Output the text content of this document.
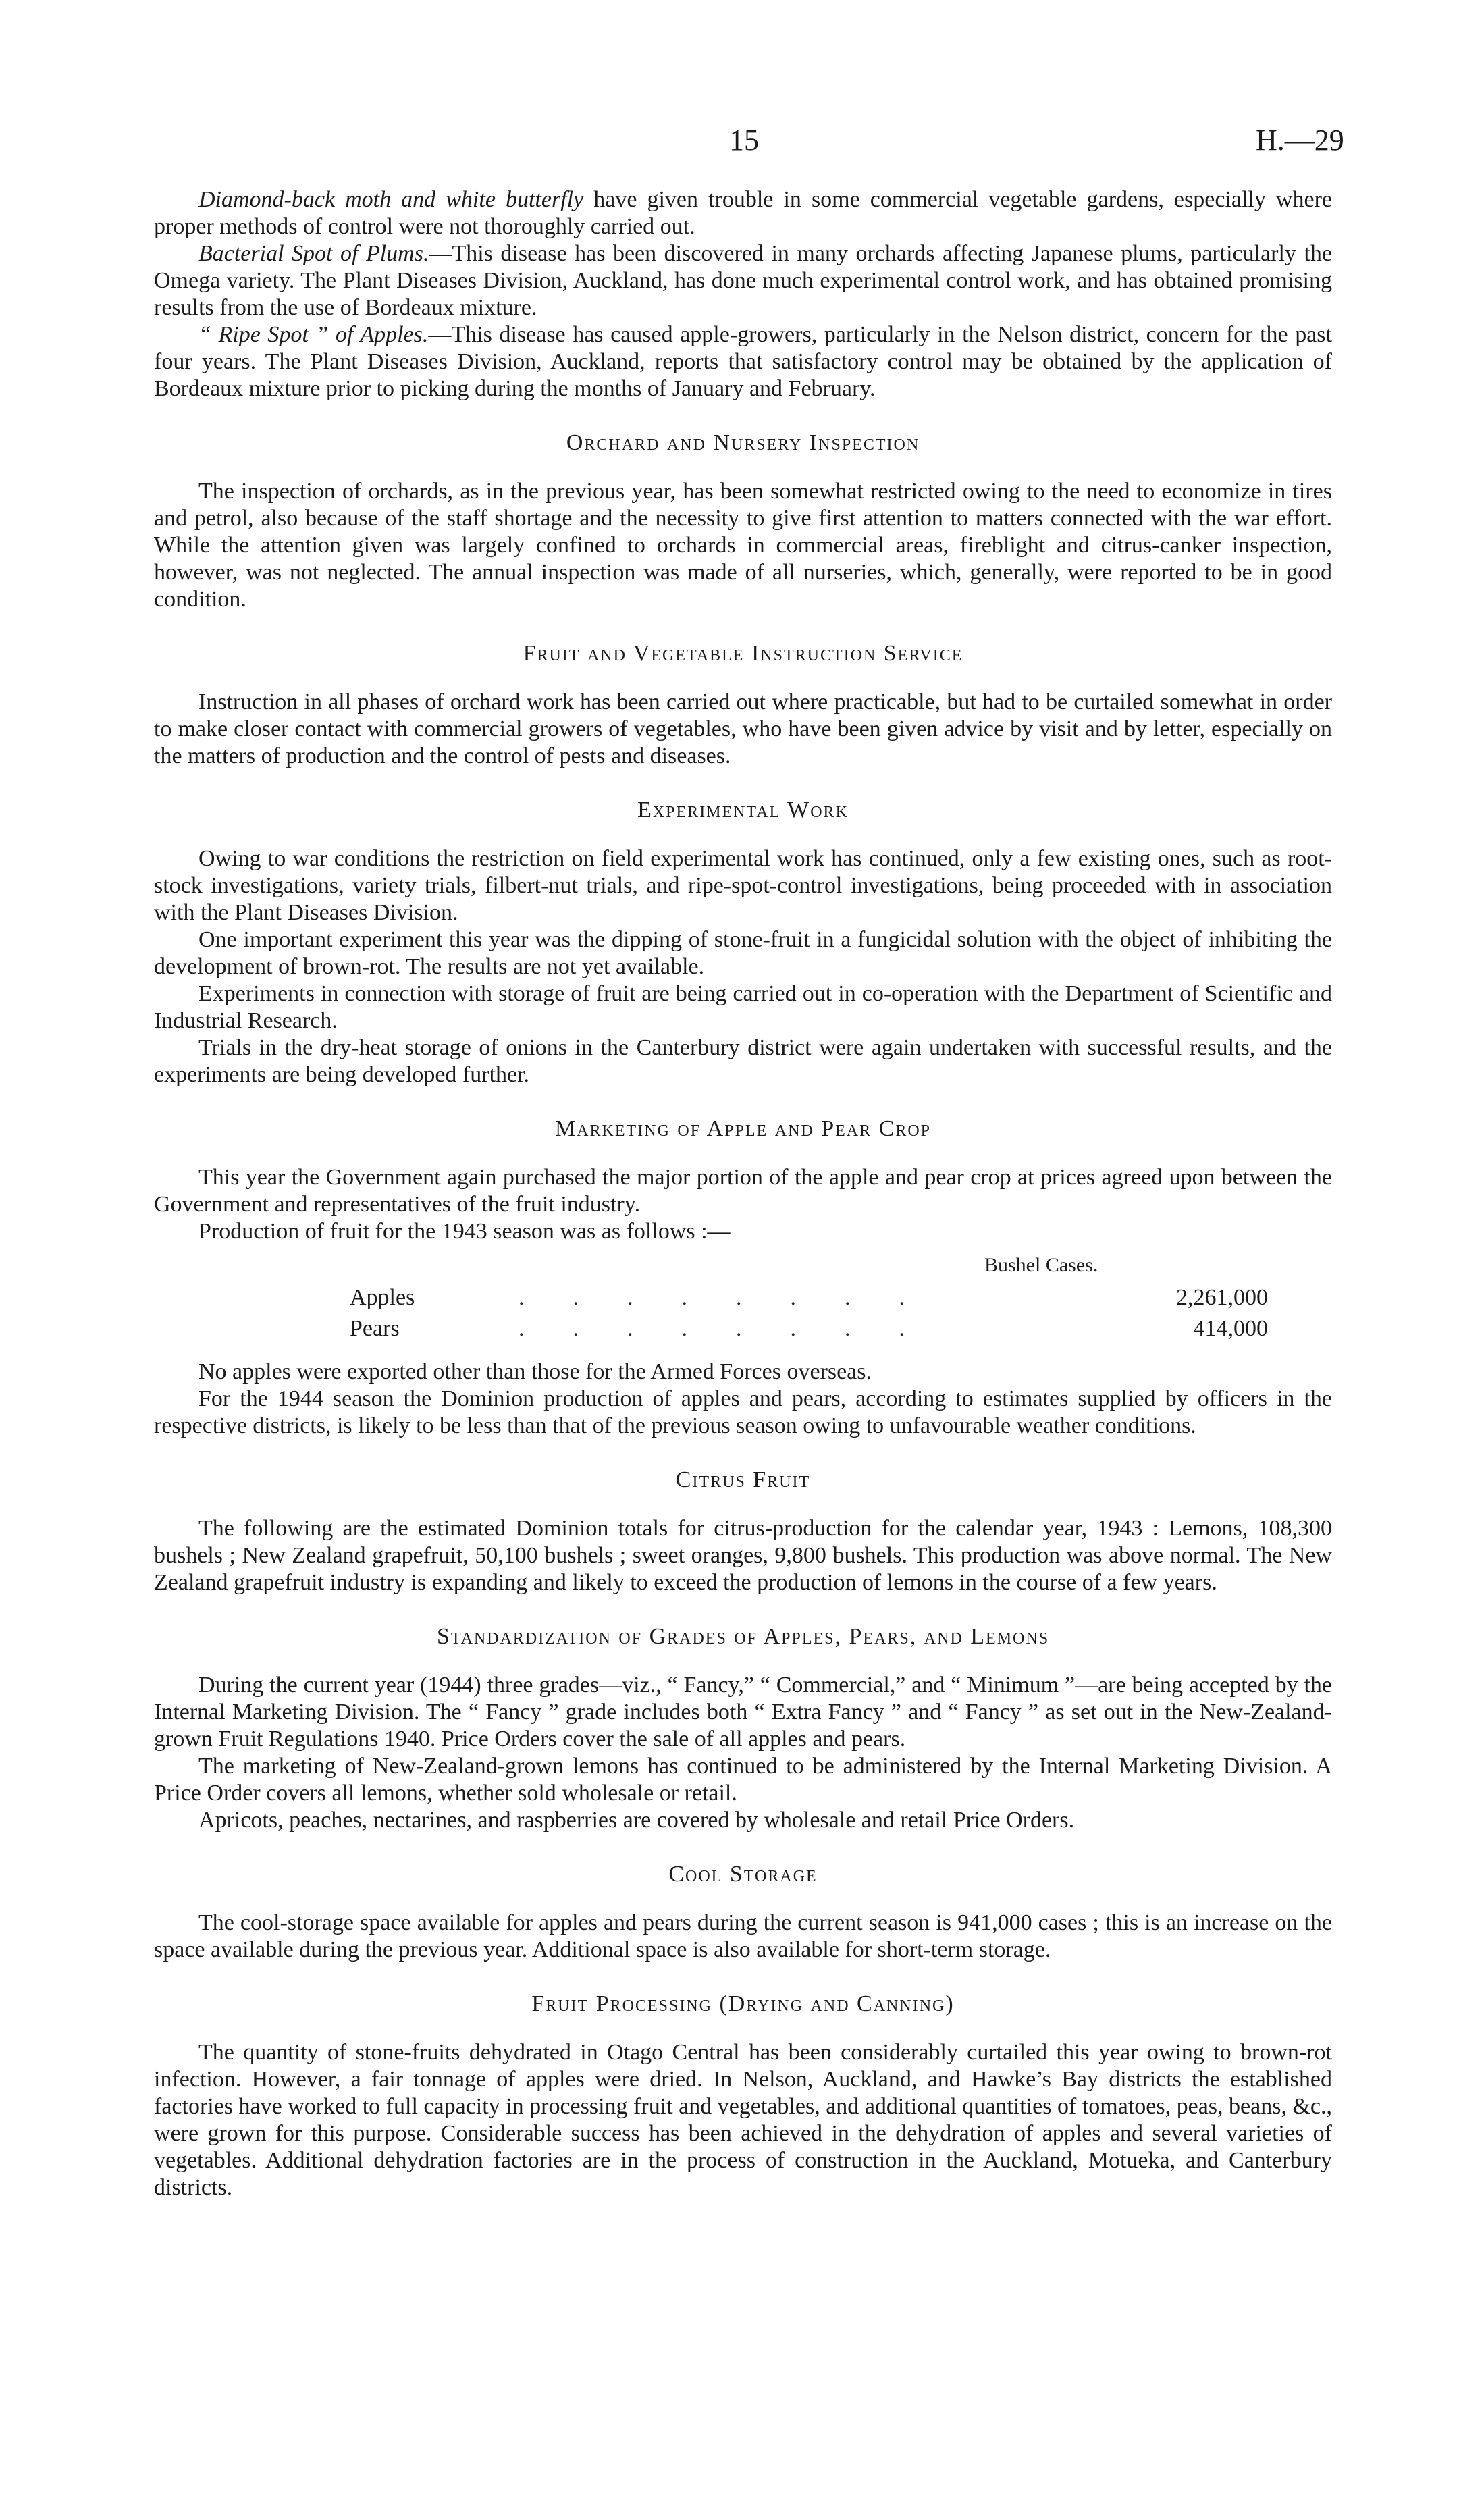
15	H.—29

Diamond-back moth and white butterfly have given trouble in some commercial vegetable gardens, especially where proper methods of control were not thoroughly carried out.

Bacterial Spot of Plums.—This disease has been discovered in many orchards affecting Japanese plums, particularly the Omega variety. The Plant Diseases Division, Auckland, has done much experimental control work, and has obtained promising results from the use of Bordeaux mixture.

“ Ripe Spot ” of Apples.—This disease has caused apple-growers, particularly in the Nelson district, concern for the past four years. The Plant Diseases Division, Auckland, reports that satisfactory control may be obtained by the application of Bordeaux mixture prior to picking during the months of January and February.

Orchard and Nursery Inspection

The inspection of orchards, as in the previous year, has been somewhat restricted owing to the need to economize in tires and petrol, also because of the staff shortage and the necessity to give first attention to matters connected with the war effort. While the attention given was largely confined to orchards in commercial areas, fireblight and citrus-canker inspection, however, was not neglected. The annual inspection was made of all nurseries, which, generally, were reported to be in good condition.

Fruit and Vegetable Instruction Service

Instruction in all phases of orchard work has been carried out where practicable, but had to be curtailed somewhat in order to make closer contact with commercial growers of vegetables, who have been given advice by visit and by letter, especially on the matters of production and the control of pests and diseases.

Experimental Work

Owing to war conditions the restriction on field experimental work has continued, only a few existing ones, such as root-stock investigations, variety trials, filbert-nut trials, and ripe-spot-control investigations, being proceeded with in association with the Plant Diseases Division.

One important experiment this year was the dipping of stone-fruit in a fungicidal solution with the object of inhibiting the development of brown-rot. The results are not yet available.

Experiments in connection with storage of fruit are being carried out in co-operation with the Department of Scientific and Industrial Research.

Trials in the dry-heat storage of onions in the Canterbury district were again undertaken with successful results, and the experiments are being developed further.

Marketing of Apple and Pear Crop

This year the Government again purchased the major portion of the apple and pear crop at prices agreed upon between the Government and representatives of the fruit industry.

Production of fruit for the 1943 season was as follows :—

Bushel Cases.
Apples	........	2,261,000
Pears	........	414,000

No apples were exported other than those for the Armed Forces overseas.

For the 1944 season the Dominion production of apples and pears, according to estimates supplied by officers in the respective districts, is likely to be less than that of the previous season owing to unfavourable weather conditions.

Citrus Fruit

The following are the estimated Dominion totals for citrus-production for the calendar year, 1943 : Lemons, 108,300 bushels ; New Zealand grapefruit, 50,100 bushels ; sweet oranges, 9,800 bushels. This production was above normal. The New Zealand grapefruit industry is expanding and likely to exceed the production of lemons in the course of a few years.

Standardization of Grades of Apples, Pears, and Lemons

During the current year (1944) three grades—viz., “ Fancy,” “ Commercial,” and “ Minimum ”—are being accepted by the Internal Marketing Division. The “ Fancy ” grade includes both “ Extra Fancy ” and “ Fancy ” as set out in the New-Zealand-grown Fruit Regulations 1940. Price Orders cover the sale of all apples and pears.

The marketing of New-Zealand-grown lemons has continued to be administered by the Internal Marketing Division. A Price Order covers all lemons, whether sold wholesale or retail.

Apricots, peaches, nectarines, and raspberries are covered by wholesale and retail Price Orders.

Cool Storage

The cool-storage space available for apples and pears during the current season is 941,000 cases ; this is an increase on the space available during the previous year. Additional space is also available for short-term storage.

Fruit Processing (Drying and Canning)

The quantity of stone-fruits dehydrated in Otago Central has been considerably curtailed this year owing to brown-rot infection. However, a fair tonnage of apples were dried. In Nelson, Auckland, and Hawke’s Bay districts the established factories have worked to full capacity in processing fruit and vegetables, and additional quantities of tomatoes, peas, beans, &c., were grown for this purpose. Considerable success has been achieved in the dehydration of apples and several varieties of vegetables. Additional dehydration factories are in the process of construction in the Auckland, Motueka, and Canterbury districts.
